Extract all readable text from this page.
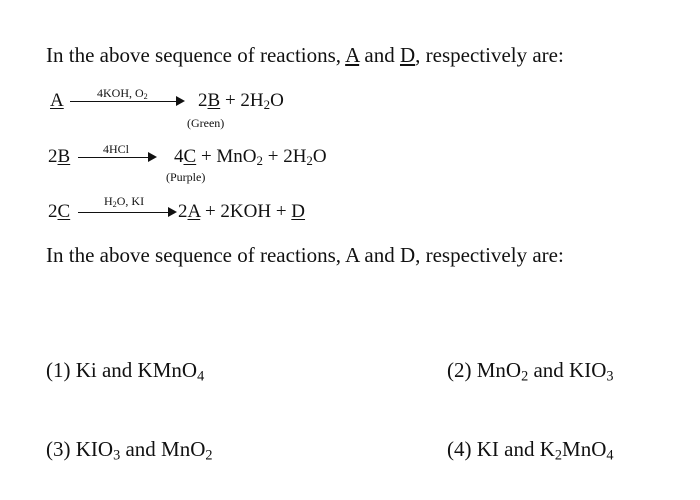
In the above sequence of reactions, A and D, respectively are:
A	4KOH, $O_2$	$2B + 2H_2O$
(Green)
2B	4HCl $4C + MnO_2 + 2H_2O$
(Purple)
2C	$H_2O$, KI 2A + 2KOH + D
In the above sequence of reactions, A and D, respectively are:
(1) Ki and KMnO$_4$	(2) MnO$_2$ and $KIO_3$
(3) $KIO_3$ and MnO$_2$	(4) KI and $K_2MnO_4$
